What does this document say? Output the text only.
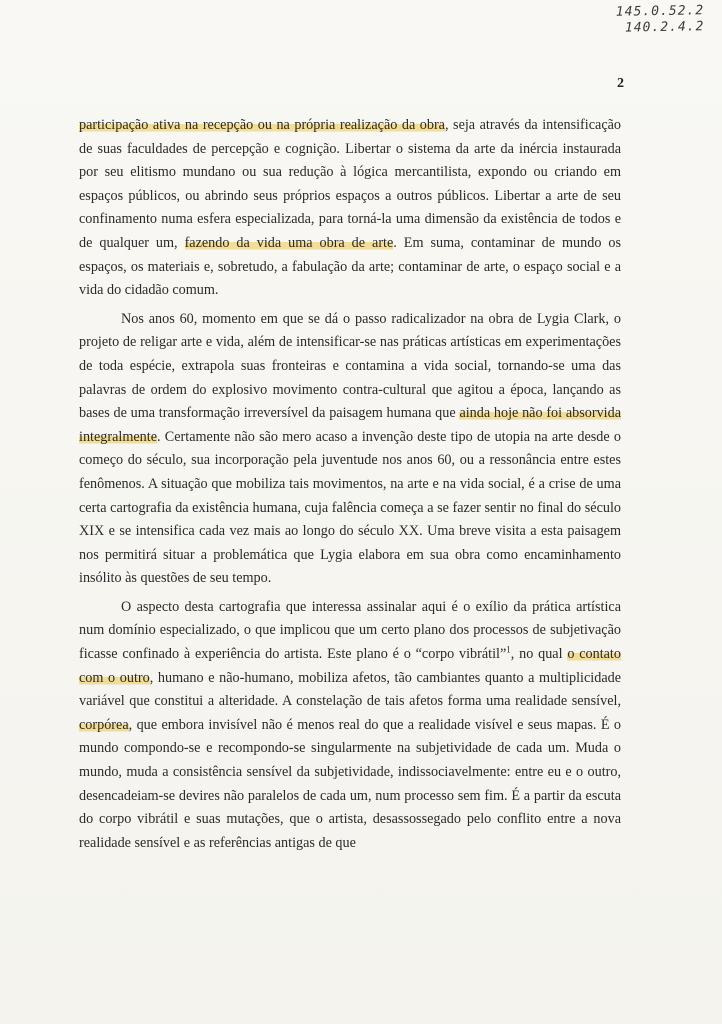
145.0.52.2
140.2.4.2
2

participação ativa na recepção ou na própria realização da obra, seja através da intensificação de suas faculdades de percepção e cognição. Libertar o sistema da arte da inércia instaurada por seu elitismo mundano ou sua redução à lógica mercantilista, expondo ou criando em espaços públicos, ou abrindo seus próprios espaços a outros públicos. Libertar a arte de seu confinamento numa esfera especializada, para torná-la uma dimensão da existência de todos e de qualquer um, fazendo da vida uma obra de arte. Em suma, contaminar de mundo os espaços, os materiais e, sobretudo, a fabulação da arte; contaminar de arte, o espaço social e a vida do cidadão comum.

Nos anos 60, momento em que se dá o passo radicalizador na obra de Lygia Clark, o projeto de religar arte e vida, além de intensificar-se nas práticas artísticas em experimentações de toda espécie, extrapola suas fronteiras e contamina a vida social, tornando-se uma das palavras de ordem do explosivo movimento contra-cultural que agitou a época, lançando as bases de uma transformação irreversível da paisagem humana que ainda hoje não foi absorvida integralmente. Certamente não são mero acaso a invenção deste tipo de utopia na arte desde o começo do século, sua incorporação pela juventude nos anos 60, ou a ressonância entre estes fenômenos. A situação que mobiliza tais movimentos, na arte e na vida social, é a crise de uma certa cartografia da existência humana, cuja falência começa a se fazer sentir no final do século XIX e se intensifica cada vez mais ao longo do século XX. Uma breve visita a esta paisagem nos permitirá situar a problemática que Lygia elabora em sua obra como encaminhamento insólito às questões de seu tempo.

O aspecto desta cartografia que interessa assinalar aqui é o exílio da prática artística num domínio especializado, o que implicou que um certo plano dos processos de subjetivação ficasse confinado à experiência do artista. Este plano é o “corpo vibrátil”$^1$, no qual o contato com o outro, humano e não-humano, mobiliza afetos, tão cambiantes quanto a multiplicidade variável que constitui a alteridade. A constelação de tais afetos forma uma realidade sensível, corpórea, que embora invisível não é menos real do que a realidade visível e seus mapas. É o mundo compondo-se e recompondo-se singularmente na subjetividade de cada um. Muda o mundo, muda a consistência sensível da subjetividade, indissociavelmente: entre eu e o outro, desencadeiam-se devires não paralelos de cada um, num processo sem fim. É a partir da escuta do corpo vibrátil e suas mutações, que o artista, desassossegado pelo conflito entre a nova realidade sensível e as referências antigas de que
